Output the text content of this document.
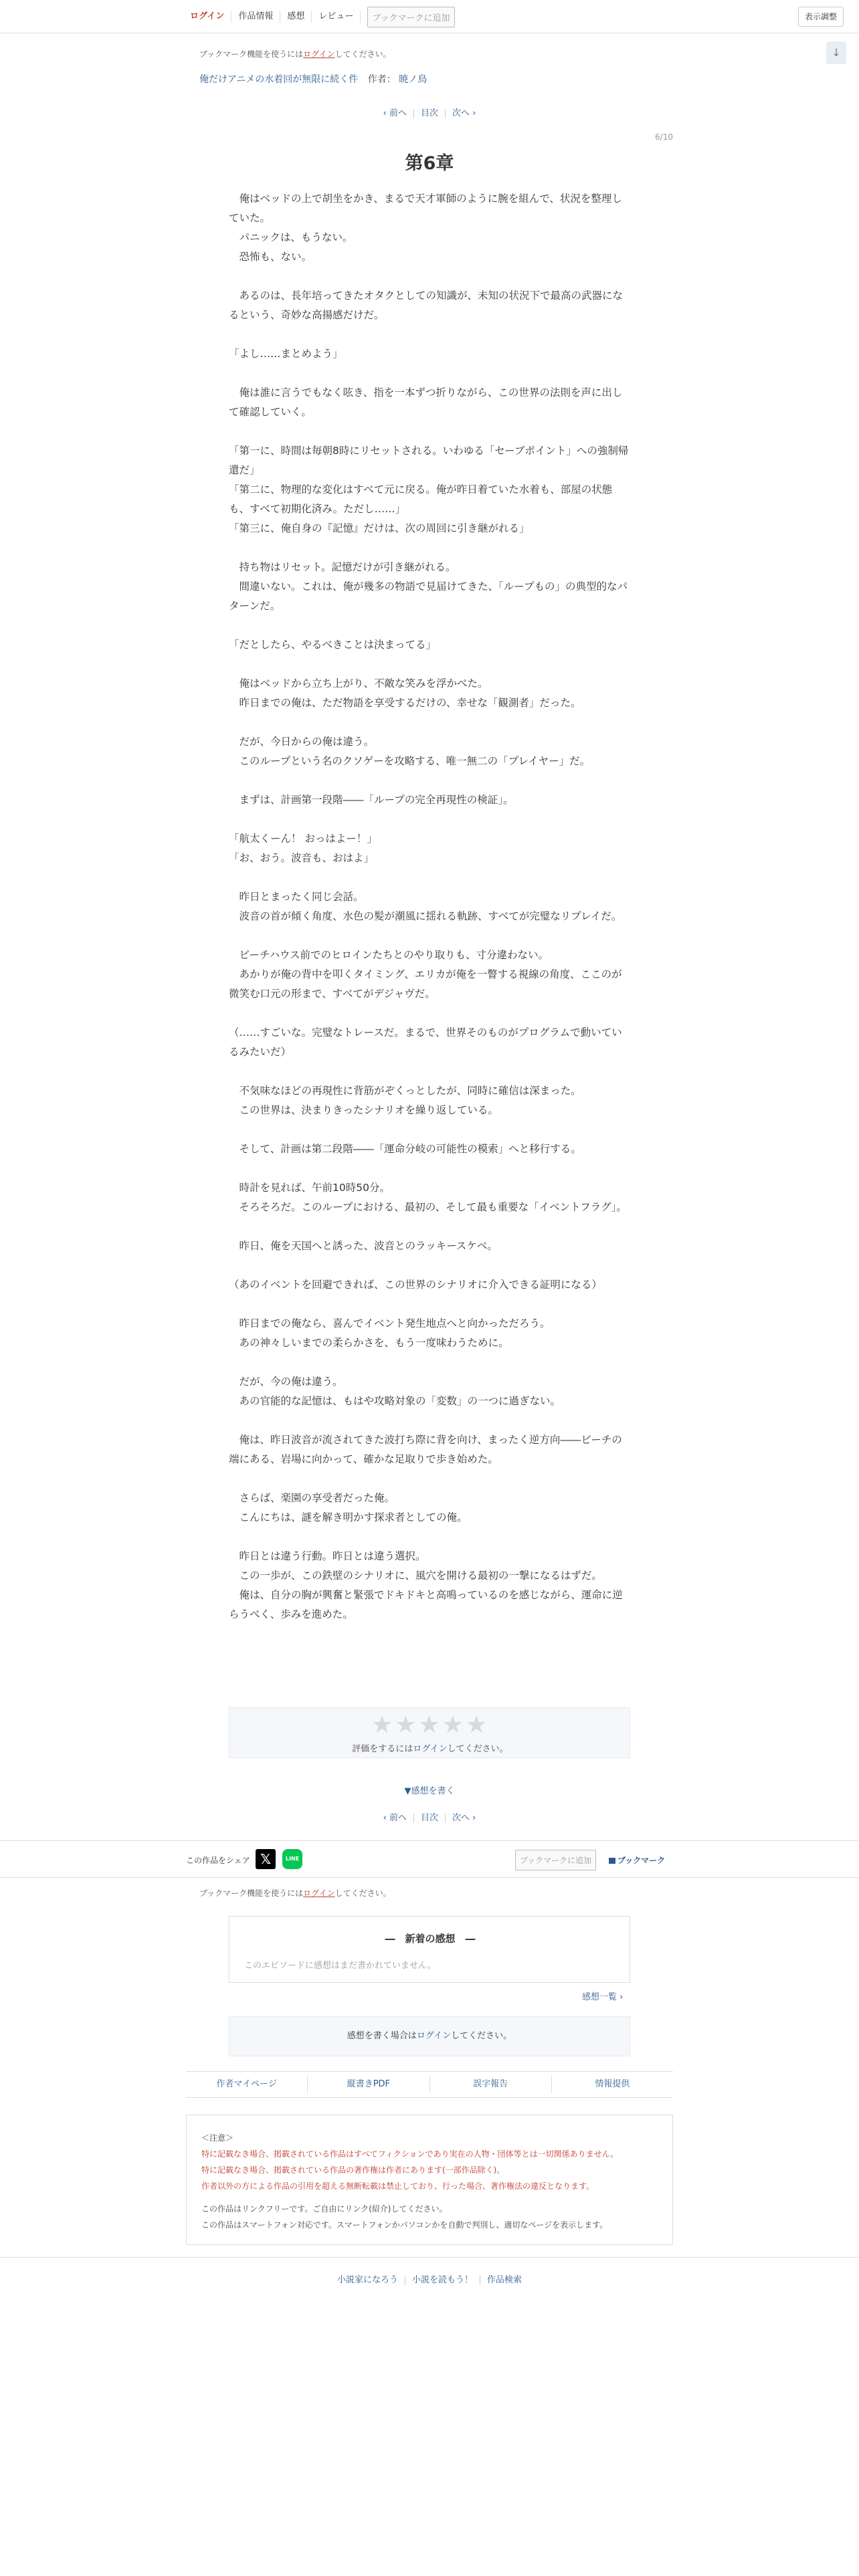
ログイン	作品情報	感想	レビュー	ブックマークに追加	表示調整
↓
ブックマーク機能を使うにはログインしてください。
俺だけアニメの水着回が無限に続く件 作者： 暁ノ鳥
‹ 前へ 目次 次へ ›
6/10
第6章

　俺はベッドの上で胡坐をかき、まるで天才軍師のように腕を組んで、状況を整理していた。

　パニックは、もうない。

　恐怖も、ない。

　あるのは、長年培ってきたオタクとしての知識が、未知の状況下で最高の武器になるという、奇妙な高揚感だけだ。

「よし……まとめよう」

　俺は誰に言うでもなく呟き、指を一本ずつ折りながら、この世界の法則を声に出して確認していく。

「第一に、時間は毎朝8時にリセットされる。いわゆる「セーブポイント」への強制帰還だ」

「第二に、物理的な変化はすべて元に戻る。俺が昨日着ていた水着も、部屋の状態も、すべて初期化済み。ただし……」

「第三に、俺自身の『記憶』だけは、次の周回に引き継がれる」

　持ち物はリセット。記憶だけが引き継がれる。

　間違いない。これは、俺が幾多の物語で見届けてきた、「ループもの」の典型的なパターンだ。

「だとしたら、やるべきことは決まってる」

　俺はベッドから立ち上がり、不敵な笑みを浮かべた。

　昨日までの俺は、ただ物語を享受するだけの、幸せな「観測者」だった。

　だが、今日からの俺は違う。

　このループという名のクソゲーを攻略する、唯一無二の「プレイヤー」だ。

　まずは、計画第一段階――「ループの完全再現性の検証」。

「航太くーん！ おっはよー！」

「お、おう。波音も、おはよ」

　昨日とまったく同じ会話。

　波音の首が傾く角度、水色の髪が潮風に揺れる軌跡、すべてが完璧なリプレイだ。

　ビーチハウス前でのヒロインたちとのやり取りも、寸分違わない。

　あかりが俺の背中を叩くタイミング、エリカが俺を一瞥する視線の角度、ここのが微笑む口元の形まで、すべてがデジャヴだ。

（……すごいな。完璧なトレースだ。まるで、世界そのものがプログラムで動いているみたいだ）

　不気味なほどの再現性に背筋がぞくっとしたが、同時に確信は深まった。

　この世界は、決まりきったシナリオを繰り返している。

　そして、計画は第二段階――「運命分岐の可能性の模索」へと移行する。

　時計を見れば、午前10時50分。

　そろそろだ。このループにおける、最初の、そして最も重要な「イベントフラグ」。

　昨日、俺を天国へと誘った、波音とのラッキースケベ。

（あのイベントを回避できれば、この世界のシナリオに介入できる証明になる）

　昨日までの俺なら、喜んでイベント発生地点へと向かっただろう。

　あの神々しいまでの柔らかさを、もう一度味わうために。

　だが、今の俺は違う。

　あの官能的な記憶は、もはや攻略対象の「変数」の一つに過ぎない。

　俺は、昨日波音が流されてきた波打ち際に背を向け、まったく逆方向――ビーチの端にある、岩場に向かって、確かな足取りで歩き始めた。

　さらば、楽園の享受者だった俺。

　こんにちは、謎を解き明かす探求者としての俺。

　昨日とは違う行動。昨日とは違う選択。

　この一歩が、この鉄壁のシナリオに、風穴を開ける最初の一撃になるはずだ。

　俺は、自分の胸が興奮と緊張でドキドキと高鳴っているのを感じながら、運命に逆らうべく、歩みを進めた。

★★★★★
評価をするにはログインしてください。
▼感想を書く
‹ 前へ 目次 次へ ›
この作品をシェア 𝕏	LINE	ブックマークに追加	ブックマーク
ブックマーク機能を使うにはログインしてください。
―　新着の感想　―
このエピソードに感想はまだ書かれていません。
感想一覧 ›
感想を書く場合はログインしてください。
作者マイページ	縦書きPDF	誤字報告	情報提供
＜注意＞
特に記載なき場合、掲載されている作品はすべてフィクションであり実在の人物・団体等とは一切関係ありません。
特に記載なき場合、掲載されている作品の著作権は作者にあります(一部作品除く)。
作者以外の方による作品の引用を超える無断転載は禁止しており、行った場合、著作権法の違反となります。
この作品はリンクフリーです。ご自由にリンク(紹介)してください。
この作品はスマートフォン対応です。スマートフォンかパソコンかを自動で判別し、適切なページを表示します。
小説家になろう 小説を読もう！ 作品検索
